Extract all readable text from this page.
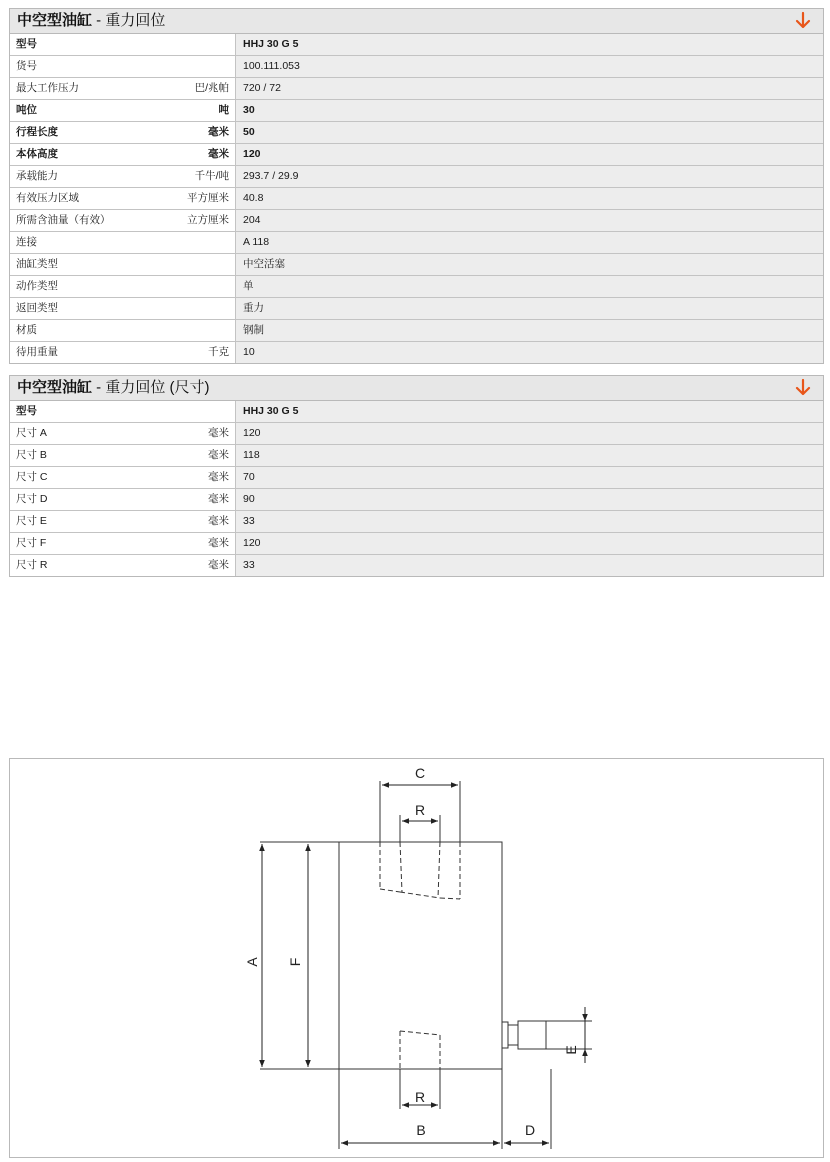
中空型油缸 - 重力回位
型号	HHJ 30 G 5
货号	100.111.053
最大工作压力	巴/兆帕	720 / 72
吨位	吨	30
行程长度	毫米	50
本体高度	毫米	120
承载能力	千牛/吨	293.7 / 29.9
有效压力区域	平方厘米	40.8
所需含油量（有效）	立方厘米	204
连接	A 118
油缸类型	中空活塞
动作类型	单
返回类型	重力
材质	钢制
待用重量	千克	10
中空型油缸 - 重力回位 (尺寸)
型号	HHJ 30 G 5
尺寸 A	毫米	120
尺寸 B	毫米	118
尺寸 C	毫米	70
尺寸 D	毫米	90
尺寸 E	毫米	33
尺寸 F	毫米	120
尺寸 R	毫米	33
A F
C
R
R
B	D
E
